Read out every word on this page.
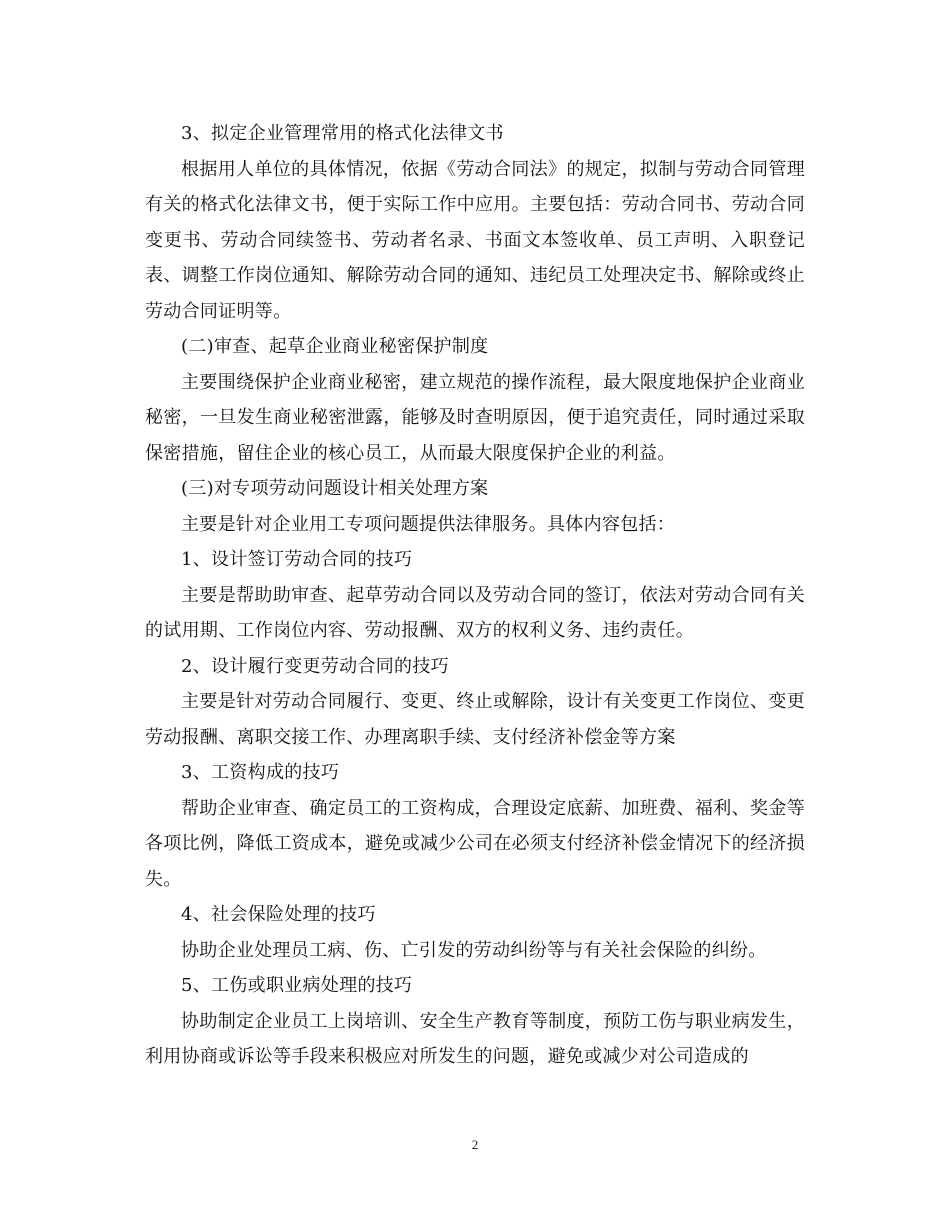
3、拟定企业管理常用的格式化法律文书

根据用人单位的具体情况，依据《劳动合同法》的规定，拟制与劳动合同管理有关的格式化法律文书，便于实际工作中应用。主要包括：劳动合同书、劳动合同变更书、劳动合同续签书、劳动者名录、书面文本签收单、员工声明、入职登记表、调整工作岗位通知、解除劳动合同的通知、违纪员工处理决定书、解除或终止劳动合同证明等。

(二)审查、起草企业商业秘密保护制度

主要围绕保护企业商业秘密，建立规范的操作流程，最大限度地保护企业商业秘密，一旦发生商业秘密泄露，能够及时查明原因，便于追究责任，同时通过采取保密措施，留住企业的核心员工，从而最大限度保护企业的利益。

(三)对专项劳动问题设计相关处理方案

主要是针对企业用工专项问题提供法律服务。具体内容包括：

1、设计签订劳动合同的技巧

主要是帮助助审查、起草劳动合同以及劳动合同的签订，依法对劳动合同有关的试用期、工作岗位内容、劳动报酬、双方的权利义务、违约责任。

2、设计履行变更劳动合同的技巧

主要是针对劳动合同履行、变更、终止或解除，设计有关变更工作岗位、变更劳动报酬、离职交接工作、办理离职手续、支付经济补偿金等方案

3、工资构成的技巧

帮助企业审查、确定员工的工资构成，合理设定底薪、加班费、福利、奖金等各项比例，降低工资成本，避免或减少公司在必须支付经济补偿金情况下的经济损失。

4、社会保险处理的技巧

协助企业处理员工病、伤、亡引发的劳动纠纷等与有关社会保险的纠纷。

5、工伤或职业病处理的技巧

协助制定企业员工上岗培训、安全生产教育等制度，预防工伤与职业病发生，利用协商或诉讼等手段来积极应对所发生的问题，避免或减少对公司造成的

2
